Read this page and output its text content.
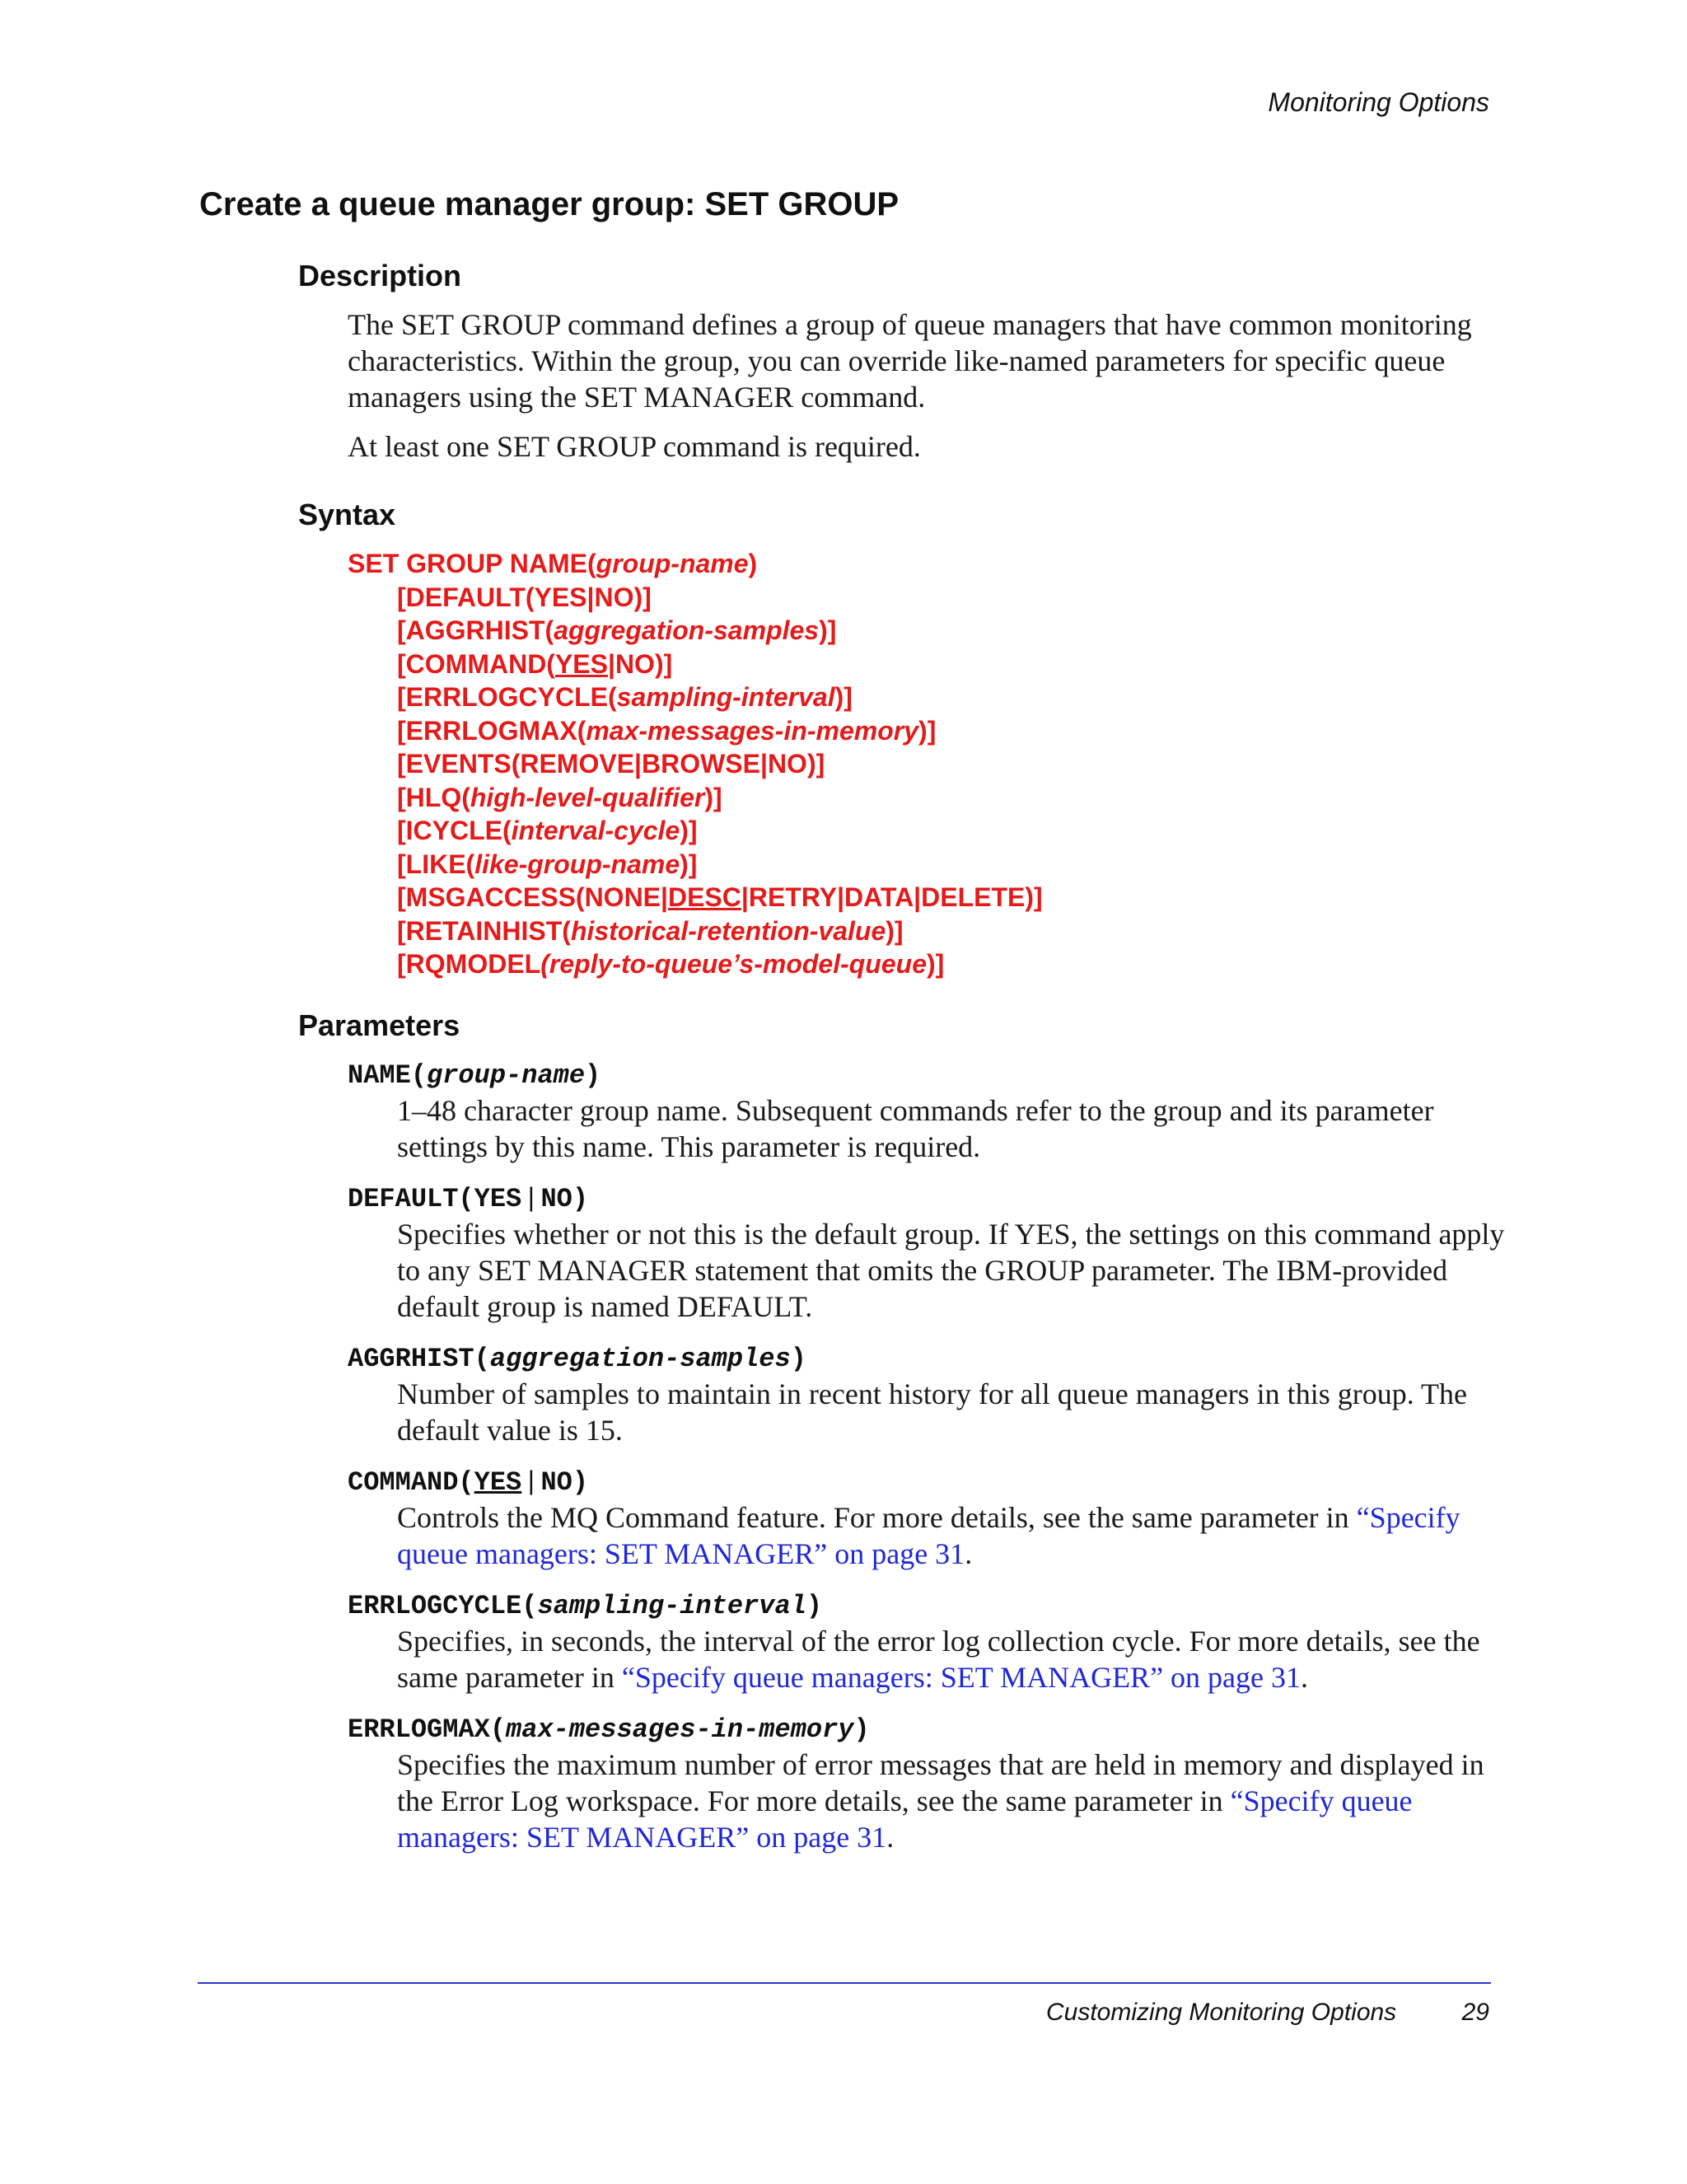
Monitoring Options
Create a queue manager group: SET GROUP
Description

The SET GROUP command defines a group of queue managers that have common monitoring characteristics. Within the group, you can override like-named parameters for specific queue managers using the SET MANAGER command.

At least one SET GROUP command is required.

Syntax
SET GROUP NAME(group-name)
[DEFAULT(YES|NO)]
[AGGRHIST(aggregation-samples)]
[COMMAND(YES|NO)]
[ERRLOGCYCLE(sampling-interval)]
[ERRLOGMAX(max-messages-in-memory)]
[EVENTS(REMOVE|BROWSE|NO)]
[HLQ(high-level-qualifier)]
[ICYCLE(interval-cycle)]
[LIKE(like-group-name)]
[MSGACCESS(NONE|DESC|RETRY|DATA|DELETE)]
[RETAINHIST(historical-retention-value)]
[RQMODEL(reply-to-queue’s-model-queue)]
Parameters
NAME(group-name)
1–48 character group name. Subsequent commands refer to the group and its parameter settings by this name. This parameter is required.
DEFAULT(YES|NO)
Specifies whether or not this is the default group. If YES, the settings on this command apply to any SET MANAGER statement that omits the GROUP parameter. The IBM-provided default group is named DEFAULT.
AGGRHIST(aggregation-samples)
Number of samples to maintain in recent history for all queue managers in this group. The default value is 15.
COMMAND(YES|NO)
Controls the MQ Command feature. For more details, see the same parameter in “Specify queue managers: SET MANAGER” on page 31.
ERRLOGCYCLE(sampling-interval)
Specifies, in seconds, the interval of the error log collection cycle. For more details, see the same parameter in “Specify queue managers: SET MANAGER” on page 31.
ERRLOGMAX(max-messages-in-memory)
Specifies the maximum number of error messages that are held in memory and displayed in the Error Log workspace. For more details, see the same parameter in “Specify queue managers: SET MANAGER” on page 31.
Customizing Monitoring Options	29
